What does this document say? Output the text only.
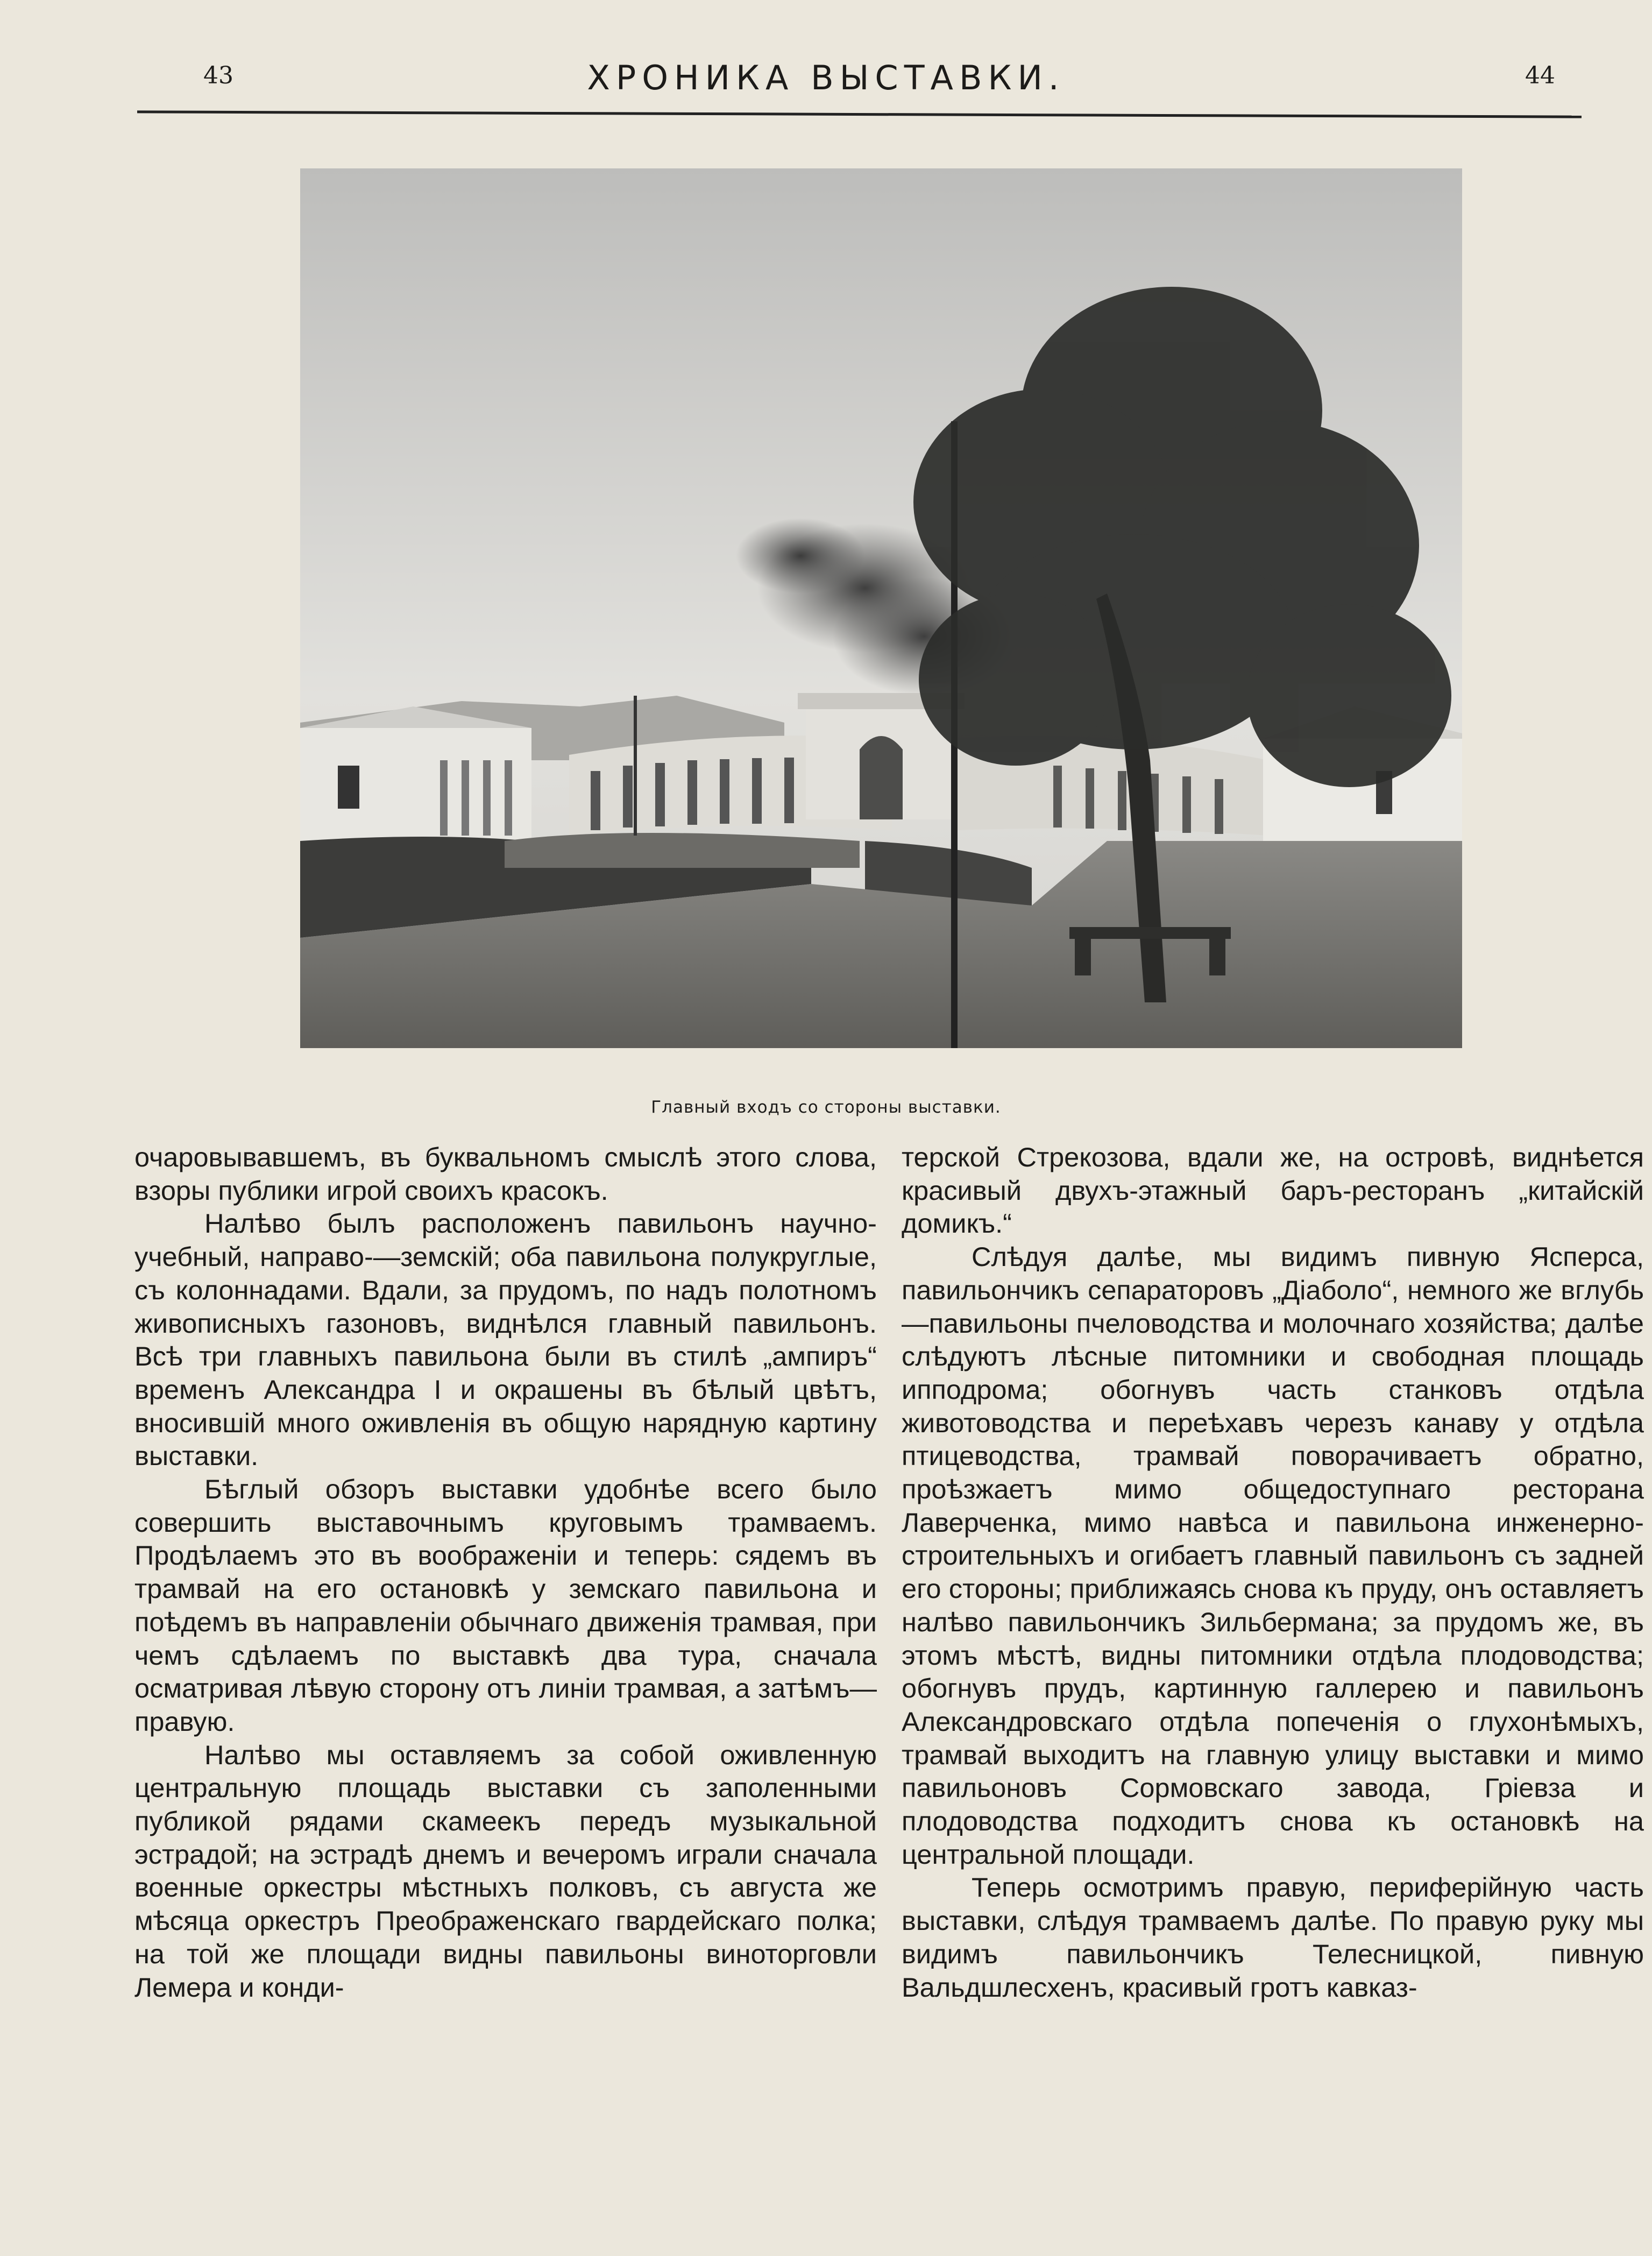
43	ХРОНИКА ВЫСТАВКИ.	44
Главный входъ со стороны выставки.

очаровывавшемъ, въ буквальномъ смыслѣ этого слова, взоры публики игрой своихъ красокъ.

Налѣво былъ расположенъ павильонъ научно-учебный, направо-—земскій; оба павильона полукруглые, съ колоннадами. Вдали, за прудомъ, по надъ полотномъ живописныхъ газоновъ, виднѣлся главный павильонъ. Всѣ три главныхъ павильона были въ стилѣ „ампиръ“ временъ Александра I и окрашены въ бѣлый цвѣтъ, вносившій много оживленія въ общую нарядную картину выставки.

Бѣглый обзоръ выставки удобнѣе всего было совершить выставочнымъ круговымъ трамваемъ. Продѣлаемъ это въ воображеніи и теперь: сядемъ въ трамвай на его остановкѣ у земскаго павильона и поѣдемъ въ направленіи обычнаго движенія трамвая, при чемъ сдѣлаемъ по выставкѣ два тура, сначала осматривая лѣвую сторону отъ линіи трамвая, а затѣмъ—правую.

Налѣво мы оставляемъ за собой оживленную центральную площадь выставки съ заполенными публикой рядами скамеекъ передъ музыкальной эстрадой; на эстрадѣ днемъ и вечеромъ играли сначала военные оркестры мѣстныхъ полковъ, съ августа же мѣсяца оркестръ Преображенскаго гвардейскаго полка; на той же площади видны павильоны виноторговли Лемера и конди-

терской Стрекозова, вдали же, на островѣ, виднѣется красивый двухъ-этажный баръ-ресторанъ „китайскій домикъ.“

Слѣдуя далѣе, мы видимъ пивную Ясперса, павильончикъ сепараторовъ „Діаболо“, немного же вглубь—павильоны пчеловодства и молочнаго хозяйства; далѣе слѣдуютъ лѣсные питомники и свободная площадь ипподрома; обогнувъ часть станковъ отдѣла животоводства и переѣхавъ черезъ канаву у отдѣла птицеводства, трамвай поворачиваетъ обратно, проѣзжаетъ мимо общедоступнаго ресторана Лаверченка, мимо навѣса и павильона инженерно-строительныхъ и огибаетъ главный павильонъ съ задней его стороны; приближаясь снова къ пруду, онъ оставляетъ налѣво павильончикъ Зильбермана; за прудомъ же, въ этомъ мѣстѣ, видны питомники отдѣла плодоводства; обогнувъ прудъ, картинную галлерею и павильонъ Александровскаго отдѣла попеченія о глухонѣмыхъ, трамвай выходитъ на главную улицу выставки и мимо павильоновъ Сормовскаго завода, Гріевза и плодоводства подходитъ снова къ остановкѣ на центральной площади.

Теперь осмотримъ правую, периферійную часть выставки, слѣдуя трамваемъ далѣе. По правую руку мы видимъ павильончикъ Телесницкой, пивную Вальдшлесхенъ, красивый гротъ кавказ-
